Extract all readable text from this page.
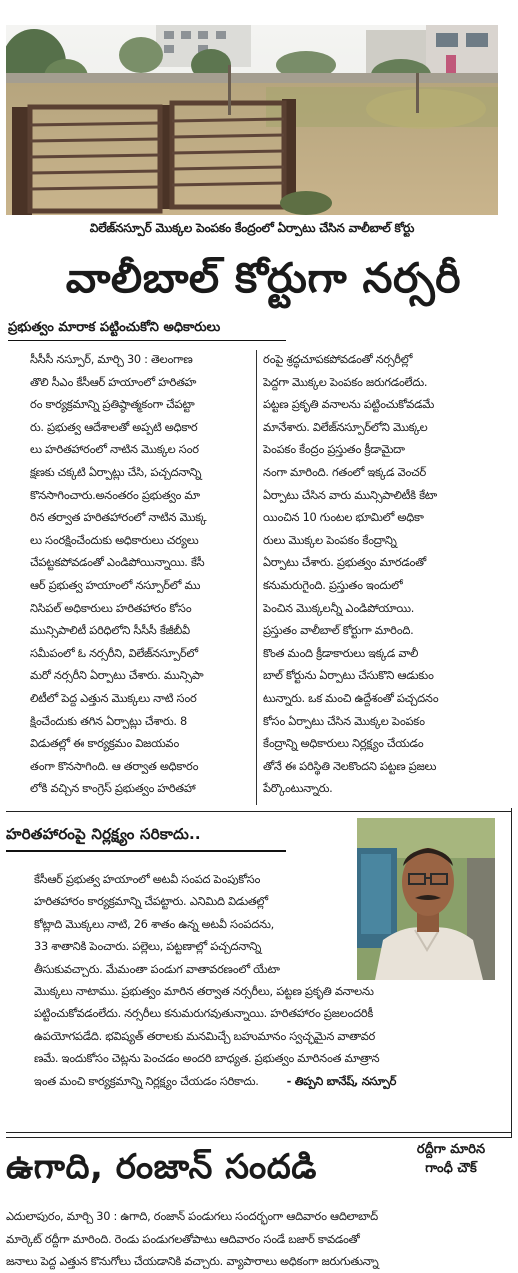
విలేజ్‌నస్పూర్ మొక్కల పెంపకం కేంద్రంలో ఏర్పాటు చేసిన వాలీబాల్ కోర్టు
వాలీబాల్ కోర్టుగా నర్సరీ
ప్రభుత్వం మారాక పట్టించుకోని అధికారులు
సీసీసీ నస్పూర్, మార్చి 30 : తెలంగాణ
తొలి సీఎం కేసీఆర్ హయాంలో హరితహ
రం కార్యక్రమాన్ని ప్రతిష్ఠాత్మకంగా చేపట్టా
రు. ప్రభుత్వ ఆదేశాలతో అప్పటి అధికార
లు హరితహారంలో నాటిన మొక్కల సంర
క్షణకు చక్కటి ఏర్పాట్లు చేసి, పచ్చదనాన్ని
కొనసాగించారు.అనంతరం ప్రభుత్వం మా
రిన తర్వాత హరితహారంలో నాటిన మొక్క
లు సంరక్షించేందుకు అధికారులు చర్యలు
చేపట్టకపోవడంతో ఎండిపోయిన్నాయి. కేసీ
ఆర్ ప్రభుత్వ హయాంలో నస్పూర్‌లో ము
నిసిపల్ అధికారులు హరితహారం కోసం
మున్సిపాలిటీ పరిధిలోని సీసీసీ కేజీబీవీ
సమీపంలో ఓ నర్సరీని, విలేజ్‌నస్పూర్‌లో
మరో నర్సరీని ఏర్పాటు చేశారు. మున్సిపా
లిటీలో పెద్ద ఎత్తున మొక్కలు నాటి సంర
క్షించేందుకు తగిన ఏర్పాట్లు చేశారు. 8
విడుతల్లో ఈ కార్యక్రమం విజయవం
తంగా కొనసాగింది. ఆ తర్వాత అధికారం
లోకి వచ్చిన కాంగ్రెస్ ప్రభుత్వం హరితహా
రంపై శ్రద్ధచూపకపోవడంతో నర్సరీల్లో
పెద్దగా మొక్కల పెంపకం జరుగడంలేదు.
పట్టణ ప్రకృతి వనాలను పట్టించుకోవడమే
మానేశారు. విలేజ్‌నస్పూర్‌లోని మొక్కల
పెంపకం కేంద్రం ప్రస్తుతం క్రీడామైదా
నంగా మారింది. గతంలో ఇక్కడ వెంచర్
ఏర్పాటు చేసిన వారు మున్సిపాలిటీకి కేటా
యించిన 10 గుంటల భూమిలో అధికా
రులు మొక్కల పెంపకం కేంద్రాన్ని
ఏర్పాటు చేశారు. ప్రభుత్వం మారడంతో
కనుమరుగైంది. ప్రస్తుతం ఇందులో
పెంచిన మొక్కలన్నీ ఎండిపోయాయి.
ప్రస్తుతం వాలీబాల్ కోర్టుగా మారింది.
కొంత మంది క్రీడాకారులు ఇక్కడ వాలీ
బాల్ కోర్టును ఏర్పాటు చేసుకొని ఆడుకుం
టున్నారు. ఒక మంచి ఉద్దేశంతో పచ్చదనం
కోసం ఏర్పాటు చేసిన మొక్కల పెంపకం
కేంద్రాన్ని అధికారులు నిర్లక్ష్యం చేయడం
తోనే ఈ పరిస్థితి నెలకొందని పట్టణ ప్రజలు
పేర్కొంటున్నారు.
హరితహారంపై నిర్లక్ష్యం సరికాదు..
కేసీఆర్ ప్రభుత్వ హయాంలో అటవీ సంపద పెంపుకోసం
హరితహారం కార్యక్రమాన్ని చేపట్టారు. ఎనిమిది విడుతల్లో
కోట్లాది మొక్కలు నాటి, 26 శాతం ఉన్న అటవీ సంపదను,
33 శాతానికి పెంచారు. పల్లెలు, పట్టణాల్లో పచ్చదనాన్ని
తీసుకువచ్చారు. మేమంతా పండుగ వాతావరణంలో యేటా
మొక్కలు నాటాము. ప్రభుత్వం మారిన తర్వాత నర్సరీలు, పట్టణ ప్రకృతి వనాలను
పట్టించుకోవడంలేదు. నర్సరీలు కనుమరుగవుతున్నాయి. హరితహారం ప్రజలందరికీ
ఉపయోగపడేది. భవిష్యత్ తరాలకు మనమిచ్చే బహుమానం స్వచ్ఛమైన వాతావర
ణమే. ఇందుకోసం చెట్లను పెంచడం అందరి బాధ్యత. ప్రభుత్వం మారినంత మాత్రాన
ఇంత మంచి కార్యక్రమాన్ని నిర్లక్ష్యం చేయడం సరికాదు. - తిప్పని బానేష్, నస్పూర్
ఉగాది, రంజాన్ సందడి	రద్దీగా మారిన
గాంధీ చౌక్
ఎదులాపురం, మార్చి 30 : ఉగాది, రంజాన్ పండుగలు సందర్భంగా ఆదివారం ఆదిలాబాద్
మార్కెట్ రద్దీగా మారింది. రెండు పండుగలతోపాటు ఆదివారం సండే బజార్ కావడంతో
జనాలు పెద్ద ఎత్తున కొనుగోలు చేయడానికి వచ్చారు. వ్యాపారాలు అధికంగా జరుగుతున్నా
